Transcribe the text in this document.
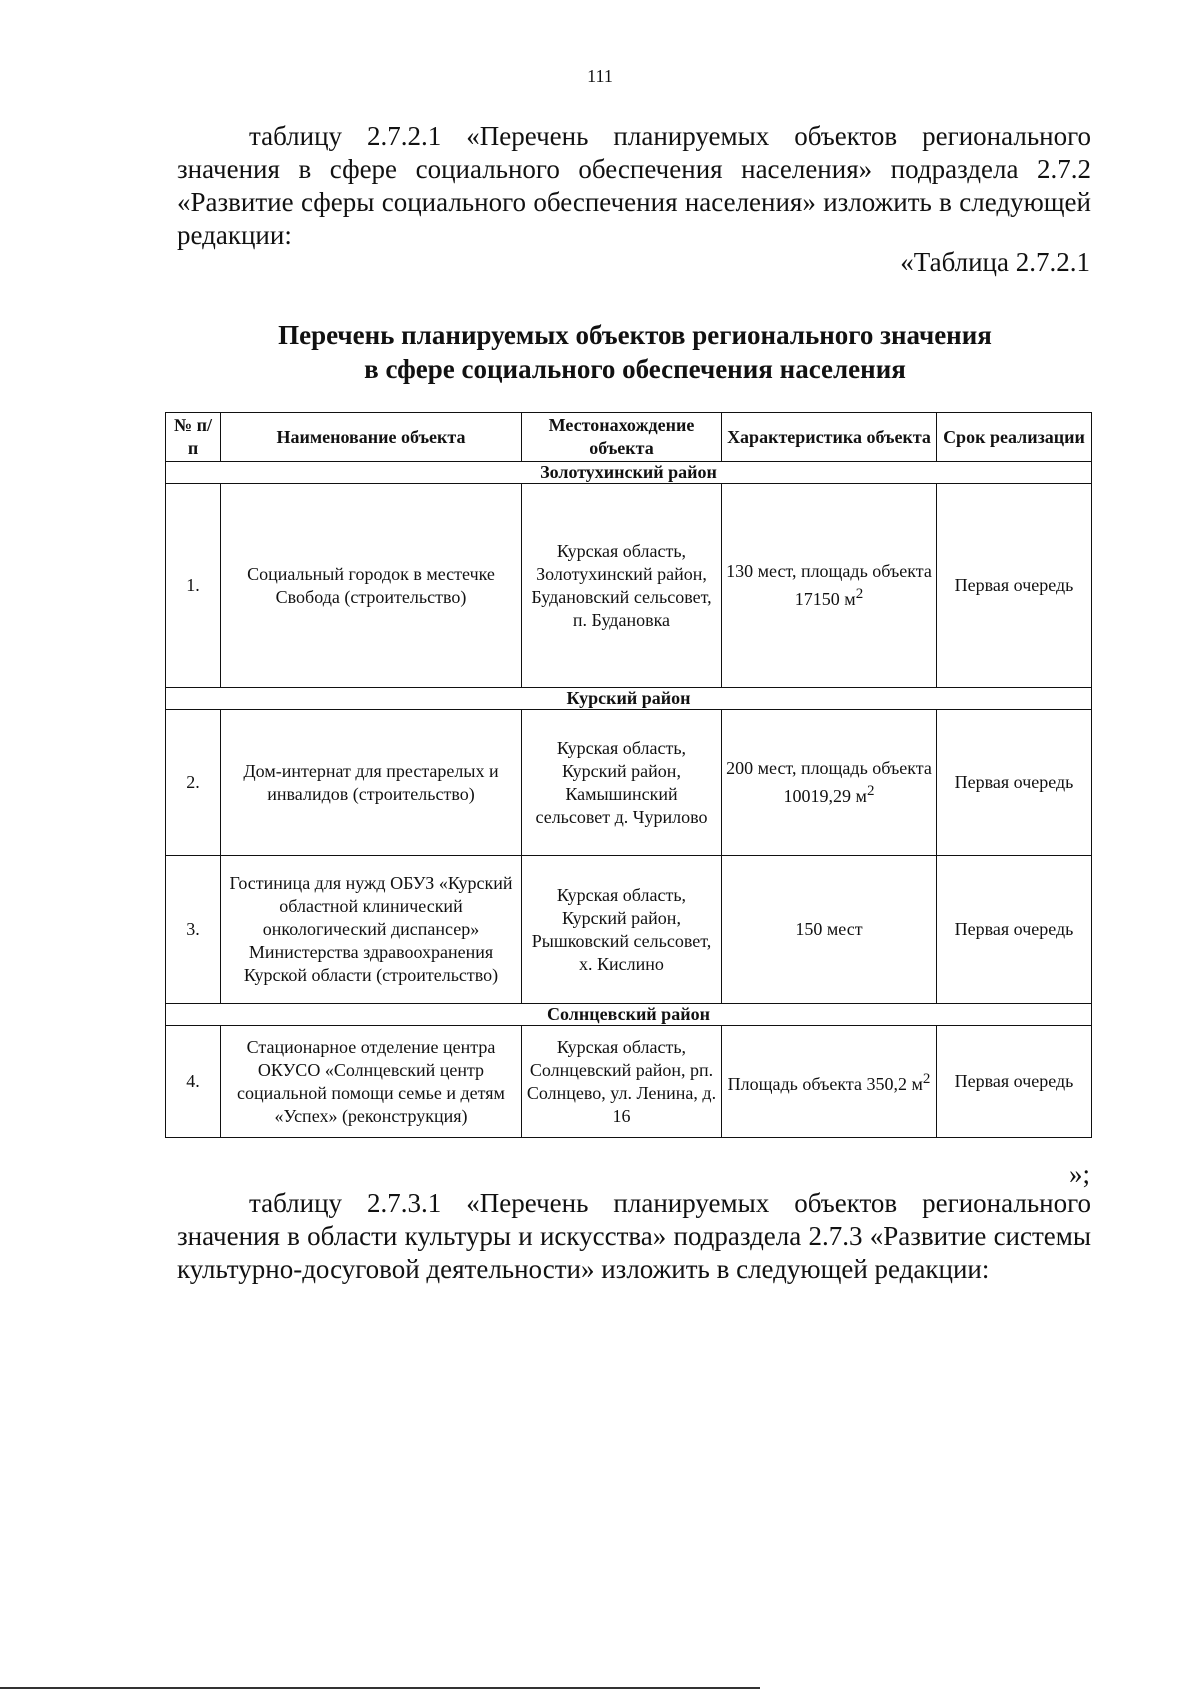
111

таблицу 2.7.2.1 «Перечень планируемых объектов регионального значения в сфере социального обеспечения населения» подраздела 2.7.2 «Развитие сферы социального обеспечения населения» изложить в следующей редакции:

«Таблица 2.7.2.1
Перечень планируемых объектов регионального значения
в сфере социального обеспечения населения
№ п/п	Наименование объекта	Местонахождение объекта	Характеристика объекта	Срок реализации
Золотухинский район				
1.	Социальный городок в местечке Свобода (строительство)	Курская область, Золотухинский район, Будановский сельсовет, п. Будановка	130 мест, площадь объекта 17150 $м^2$	Первая очередь
Курский район				
2.	Дом-интернат для престарелых и инвалидов (строительство)	Курская область, Курский район, Камышинский сельсовет д. Чурилово	200 мест, площадь объекта 10019,29 $м^2$	Первая очередь
3.	Гостиница для нужд ОБУЗ «Курский областной клинический онкологический диспансер» Министерства здравоохранения Курской области (строительство)	Курская область, Курский район, Рышковский сельсовет, х. Кислино	150 мест	Первая очередь
Солнцевский район				
4.	Стационарное отделение центра ОКУСО «Солнцевский центр социальной помощи семье и детям «Успех» (реконструкция)	Курская область, Солнцевский район, рп. Солнцево, ул. Ленина, д. 16	Площадь объекта 350,2 $м^2$	Первая очередь
»;

таблицу 2.7.3.1 «Перечень планируемых объектов регионального значения в области культуры и искусства» подраздела 2.7.3 «Развитие системы культурно-досуговой деятельности» изложить в следующей редакции:
